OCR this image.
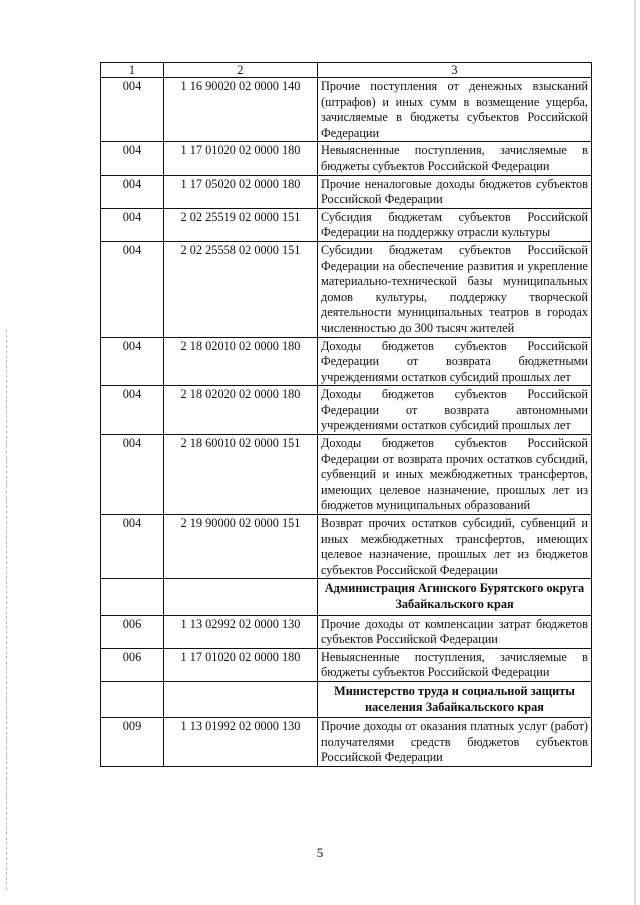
1	2	3
004	1 16 90020 02 0000 140	Прочие поступления от денежных взысканий (штрафов) и иных сумм в возмещение ущерба, зачисляемые в бюджеты субъектов Российской Федерации
004	1 17 01020 02 0000 180	Невыясненные поступления, зачисляемые в бюджеты субъектов Российской Федерации
004	1 17 05020 02 0000 180	Прочие неналоговые доходы бюджетов субъектов Российской Федерации
004	2 02 25519 02 0000 151	Субсидия бюджетам субъектов Российской Федерации на поддержку отрасли культуры
004	2 02 25558 02 0000 151	Субсидии бюджетам субъектов Российской Федерации на обеспечение развития и укрепление материально-технической базы муниципальных домов культуры, поддержку творческой деятельности муниципальных театров в городах численностью до 300 тысяч жителей
004	2 18 02010 02 0000 180	Доходы бюджетов субъектов Российской Федерации от возврата бюджетными учреждениями остатков субсидий прошлых лет
004	2 18 02020 02 0000 180	Доходы бюджетов субъектов Российской Федерации от возврата автономными учреждениями остатков субсидий прошлых лет
004	2 18 60010 02 0000 151	Доходы бюджетов субъектов Российской Федерации от возврата прочих остатков субсидий, субвенций и иных межбюджетных трансфертов, имеющих целевое назначение, прошлых лет из бюджетов муниципальных образований
004	2 19 90000 02 0000 151	Возврат прочих остатков субсидий, субвенций и иных межбюджетных трансфертов, имеющих целевое назначение, прошлых лет из бюджетов субъектов Российской Федерации
		Администрация Агинского Бурятского округа Забайкальского края
006	1 13 02992 02 0000 130	Прочие доходы от компенсации затрат бюджетов субъектов Российской Федерации
006	1 17 01020 02 0000 180	Невыясненные поступления, зачисляемые в бюджеты субъектов Российской Федерации
		Министерство труда и социальной защиты населения Забайкальского края
009	1 13 01992 02 0000 130	Прочие доходы от оказания платных услуг (работ) получателями средств бюджетов субъектов Российской Федерации
5
